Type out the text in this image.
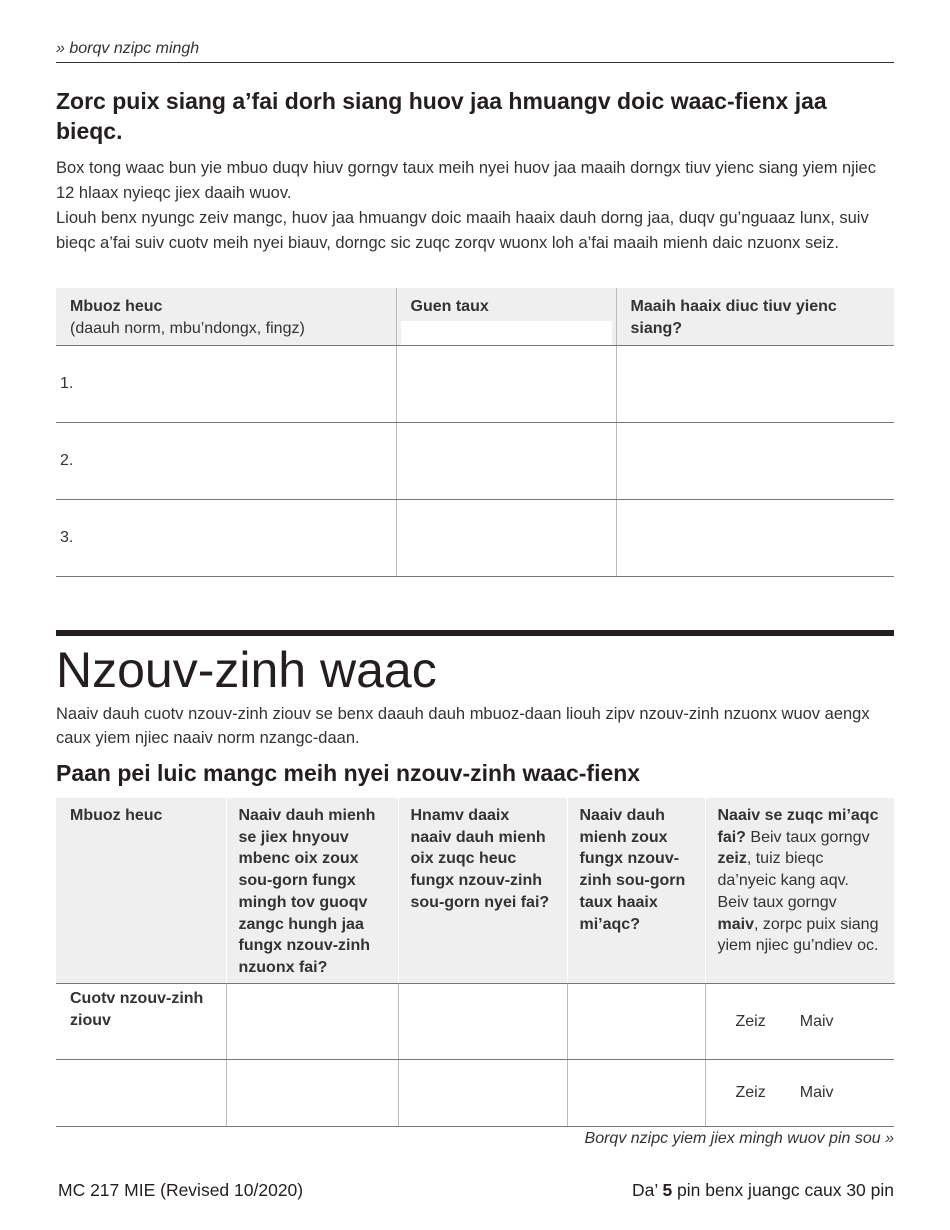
» borqv nzipc mingh
Zorc puix siang a’fai dorh siang huov jaa hmuangv doic waac-fienx jaa bieqc.
Box tong waac bun yie mbuo duqv hiuv gorngv taux meih nyei huov jaa maaih dorngx tiuv yienc siang yiem njiec 12 hlaax nyieqc jiex daaih wuov.
Liouh benx nyungc zeiv mangc, huov jaa hmuangv doic maaih haaix dauh dorng jaa, duqv gu’nguaaz lunx, suiv bieqc a’fai suiv cuotv meih nyei biauv, dorngc sic zuqc zorqv wuonx loh a’fai maaih mienh daic nzuonx seiz.
Mbuoz heuc
(daauh norm, mbu’ndongx, fingz)	Guen taux	Maaih haaix diuc tiuv yienc siang?

1.		
2.		
3.		
Nzouv-zinh waac
Naaiv dauh cuotv nzouv-zinh ziouv se benx daauh dauh mbuoz-daan liouh zipv nzouv-zinh nzuonx wuov aengx caux yiem njiec naaiv norm nzangc-daan.
Paan pei luic mangc meih nyei nzouv-zinh waac-fienx
Mbuoz heuc	Naaiv dauh mienh se jiex hnyouv mbenc oix zoux sou-gorn fungx mingh tov guoqv zangc hungh jaa fungx nzouv-zinh nzuonx fai?	Hnamv daaix naaiv dauh mienh oix zuqc heuc fungx nzouv-zinh sou-gorn nyei fai?	Naaiv dauh mienh zoux fungx nzouv-zinh sou-gorn taux haaix mi’aqc?	Naaiv se zuqc mi’aqc fai? Beiv taux gorngv zeiz, tuiz bieqc da’nyeic kang aqv. Beiv taux gorngv maiv, zorpc puix siang yiem njiec gu’ndiev oc.
Cuotv nzouv-zinh ziouv				Zeiz Maiv
				Zeiz Maiv
Borqv nzipc yiem jiex mingh wuov pin sou »
MC 217 MIE (Revised 10/2020)	Da’ 5 pin benx juangc caux 30 pin
